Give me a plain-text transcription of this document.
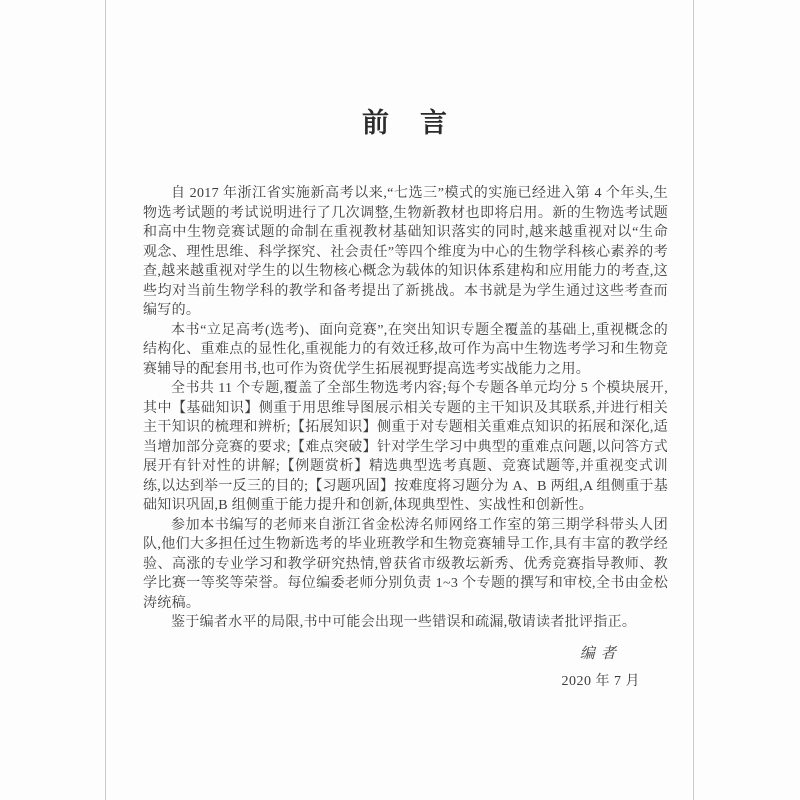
前　言

自 2017 年浙江省实施新高考以来,“七选三”模式的实施已经进入第 4 个年头,生物选考试题的考试说明进行了几次调整,生物新教材也即将启用。新的生物选考试题和高中生物竞赛试题的命制在重视教材基础知识落实的同时,越来越重视对以“生命观念、理性思维、科学探究、社会责任”等四个维度为中心的生物学科核心素养的考查,越来越重视对学生的以生物核心概念为载体的知识体系建构和应用能力的考查,这些均对当前生物学科的教学和备考提出了新挑战。本书就是为学生通过这些考查而编写的。

本书“立足高考(选考)、面向竞赛”,在突出知识专题全覆盖的基础上,重视概念的结构化、重难点的显性化,重视能力的有效迁移,故可作为高中生物选考学习和生物竞赛辅导的配套用书,也可作为资优学生拓展视野提高选考实战能力之用。

全书共 11 个专题,覆盖了全部生物选考内容;每个专题各单元均分 5 个模块展开,其中【基础知识】侧重于用思维导图展示相关专题的主干知识及其联系,并进行相关主干知识的梳理和辨析;【拓展知识】侧重于对专题相关重难点知识的拓展和深化,适当增加部分竞赛的要求;【难点突破】针对学生学习中典型的重难点问题,以问答方式展开有针对性的讲解;【例题赏析】精选典型选考真题、竞赛试题等,并重视变式训练,以达到举一反三的目的;【习题巩固】按难度将习题分为 A、B 两组,A 组侧重于基础知识巩固,B 组侧重于能力提升和创新,体现典型性、实战性和创新性。

参加本书编写的老师来自浙江省金松涛名师网络工作室的第三期学科带头人团队,他们大多担任过生物新选考的毕业班教学和生物竞赛辅导工作,具有丰富的教学经验、高涨的专业学习和教学研究热情,曾获省市级教坛新秀、优秀竞赛指导教师、教学比赛一等奖等荣誉。每位编委老师分别负责 1~3 个专题的撰写和审校,全书由金松涛统稿。

鉴于编者水平的局限,书中可能会出现一些错误和疏漏,敬请读者批评指正。

编者
2020 年 7 月
